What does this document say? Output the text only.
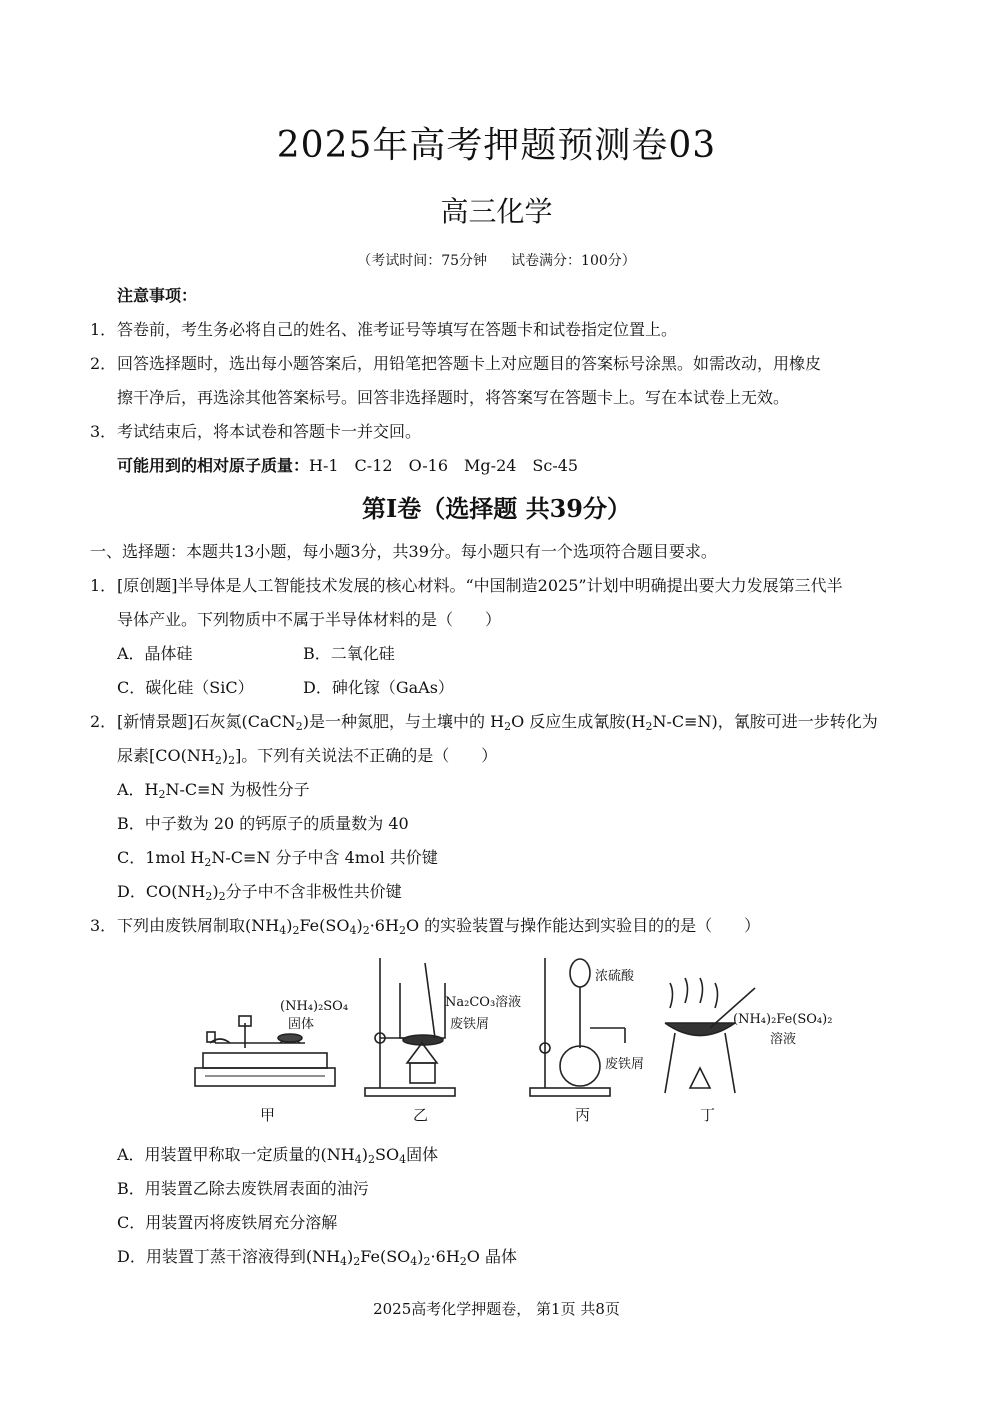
2025年高考押题预测卷03
高三化学
（考试时间：75分钟 试卷满分：100分）
注意事项：
1．答卷前，考生务必将自己的姓名、准考证号等填写在答题卡和试卷指定位置上。
2．回答选择题时，选出每小题答案后，用铅笔把答题卡上对应题目的答案标号涂黑。如需改动，用橡皮
擦干净后，再选涂其他答案标号。回答非选择题时，将答案写在答题卡上。写在本试卷上无效。
3．考试结束后，将本试卷和答题卡一并交回。
可能用到的相对原子质量：H-1　C-12　O-16　Mg-24　Sc-45
第Ⅰ卷（选择题 共39分）
一、选择题：本题共13小题，每小题3分，共39分。每小题只有一个选项符合题目要求。
1．[原创题]半导体是人工智能技术发展的核心材料。“中国制造2025”计划中明确提出要大力发展第三代半
导体产业。下列物质中不属于半导体材料的是（　　）
A．晶体硅	B．二氧化硅
C．碳化硅（SiC）	D．砷化镓（GaAs）
2．[新情景题]石灰氮(CaCN$_2$)是一种氮肥，与土壤中的 $H_2O$ 反应生成氰胺$(H_2N-C\equiv N)$，氰胺可进一步转化为
尿素$[CO(NH_2)_2]$。下列有关说法不正确的是（　　）
A．$H_2N-C\equiv N$ 为极性分子
B．中子数为 20 的钙原子的质量数为 40
C．1mol $H_2N-C\equiv N$ 分子中含 4mol 共价键
D．$CO(NH_2)_2$分子中不含非极性共价键
3．下列由废铁屑制取$(NH_4)_2Fe(SO_4)_2\cdot 6H_2O$ 的实验装置与操作能达到实验目的的是（　　）
(NH₄)₂SO₄
固体
甲
Na₂CO₃溶液
废铁屑
乙
浓硫酸
废铁屑
丙
(NH₄)₂Fe(SO₄)₂
溶液
丁
A．用装置甲称取一定质量的$(NH_4)_2SO_4$固体
B．用装置乙除去废铁屑表面的油污
C．用装置丙将废铁屑充分溶解
D．用装置丁蒸干溶液得到$(NH_4)_2Fe(SO_4)_2\cdot 6H_2O$ 晶体
2025高考化学押题卷， 第1页 共8页
